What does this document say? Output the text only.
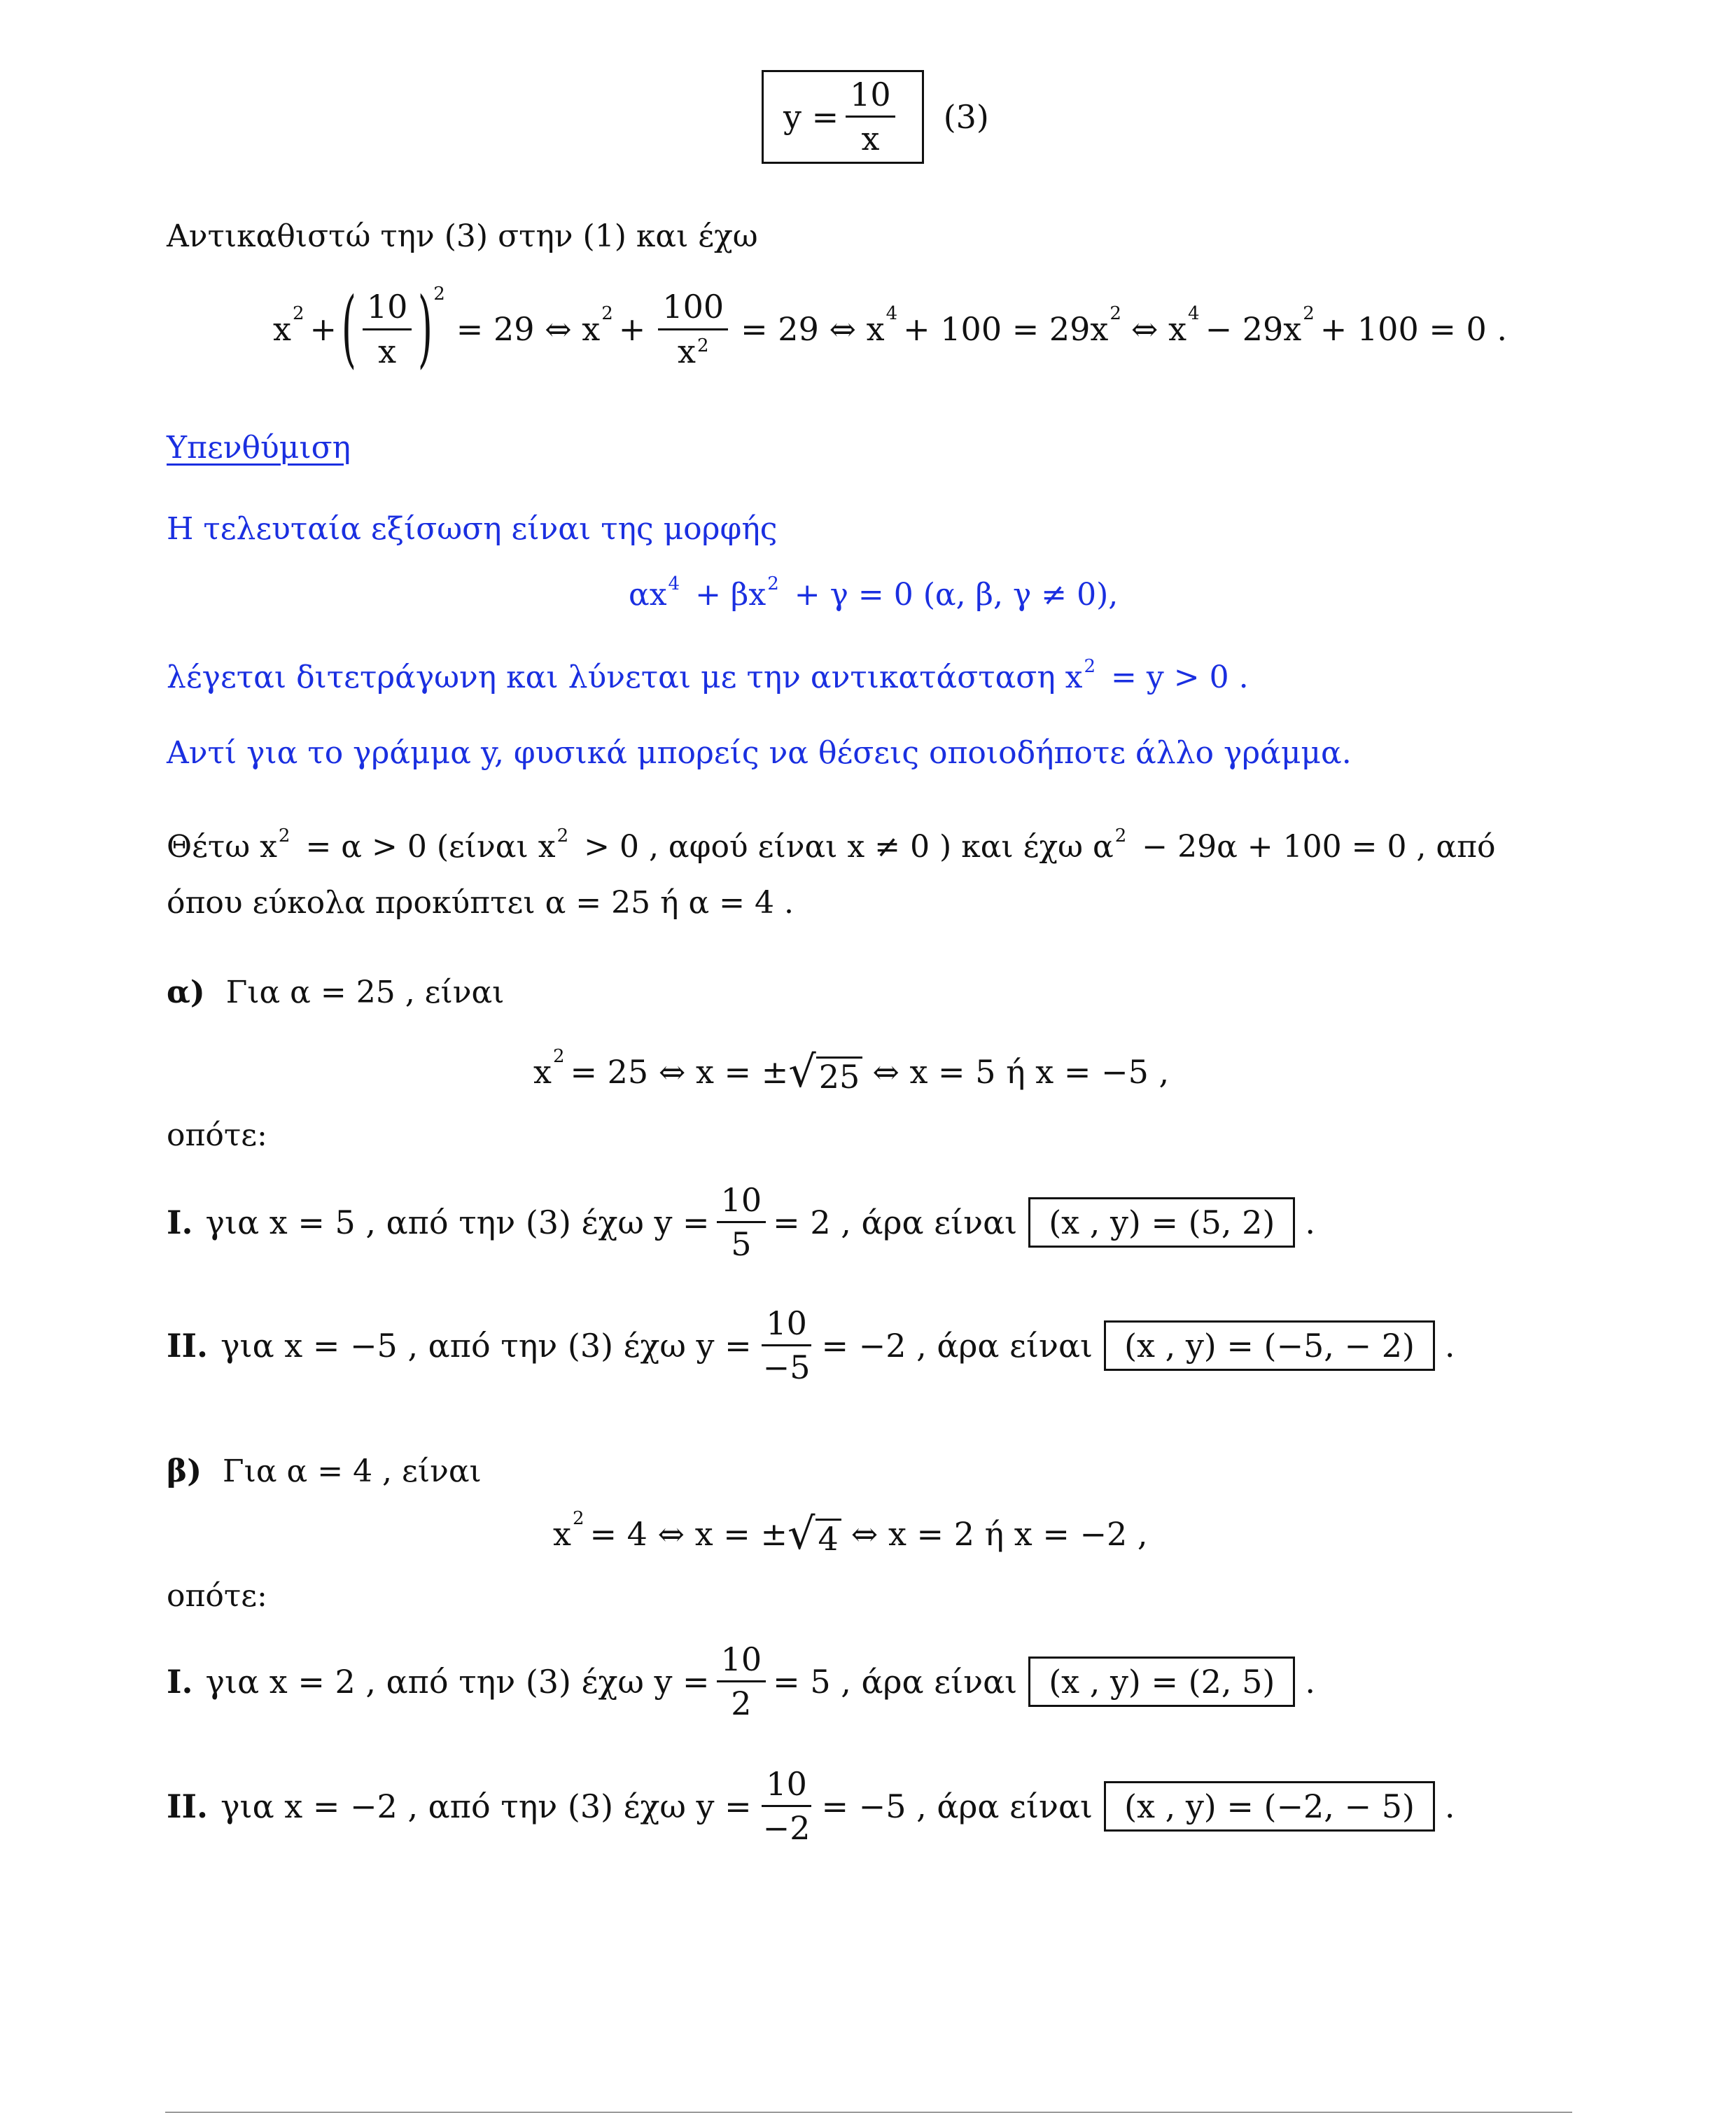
$y = \frac{10}{x} (3)$
Αντικαθιστώ την (3) στην (1) και έχω
x 2 + ( $\frac{10}{x}$ ) 2
= 29 ⇔ x $2 + \frac{100}{x^2} = 29$ ⇔ x 4 + 100 = 29x 2 ⇔ x 4 − 29x 2 + 100 = 0 .
Υπενθύμιση
Η τελευταία εξίσωση είναι της μορφής
$\alpha x^4 + \beta x^2 + \gamma = 0$ (α, β, γ ≠ 0),
λέγεται διτετράγωνη και λύνεται με την αντικατάσταση $x^2 = y > 0$ .
Αντί για το γράμμα y, φυσικά μπορείς να θέσεις οποιοδήποτε άλλο γράμμα.
Θέτω $x^2 = \alpha > 0$ (είναι $x^2 > 0$ , αφού είναι x ≠ 0 ) και έχω $\alpha^2 - 29\alpha + 100 = 0$ , από
όπου εύκολα προκύπτει α = 25 ή α = 4 .
α) Για α = 25 , είναι
x 2 = 25 ⇔ x = ± √ 25 ⇔ x = 5 ή x = −5 ,
οπότε:
I. για x = 5 , από την (3) έχω $y = \frac{10}{5} = 2$ , άρα είναι (x , y) = (5, 2) .
II. για x = −5 , από την (3) έχω $y = \frac{10}{-5} = -2$ , άρα είναι (x , y) = (−5, − 2) .
β) Για α = 4 , είναι
x 2 = 4 ⇔ x = ± √ 4 ⇔ x = 2 ή x = −2 ,
οπότε:
I. για x = 2 , από την (3) έχω $y = \frac{10}{2} = 5$ , άρα είναι (x , y) = (2, 5) .
II. για x = −2 , από την (3) έχω $y = \frac{10}{-2} = -5$ , άρα είναι (x , y) = (−2, − 5) .
